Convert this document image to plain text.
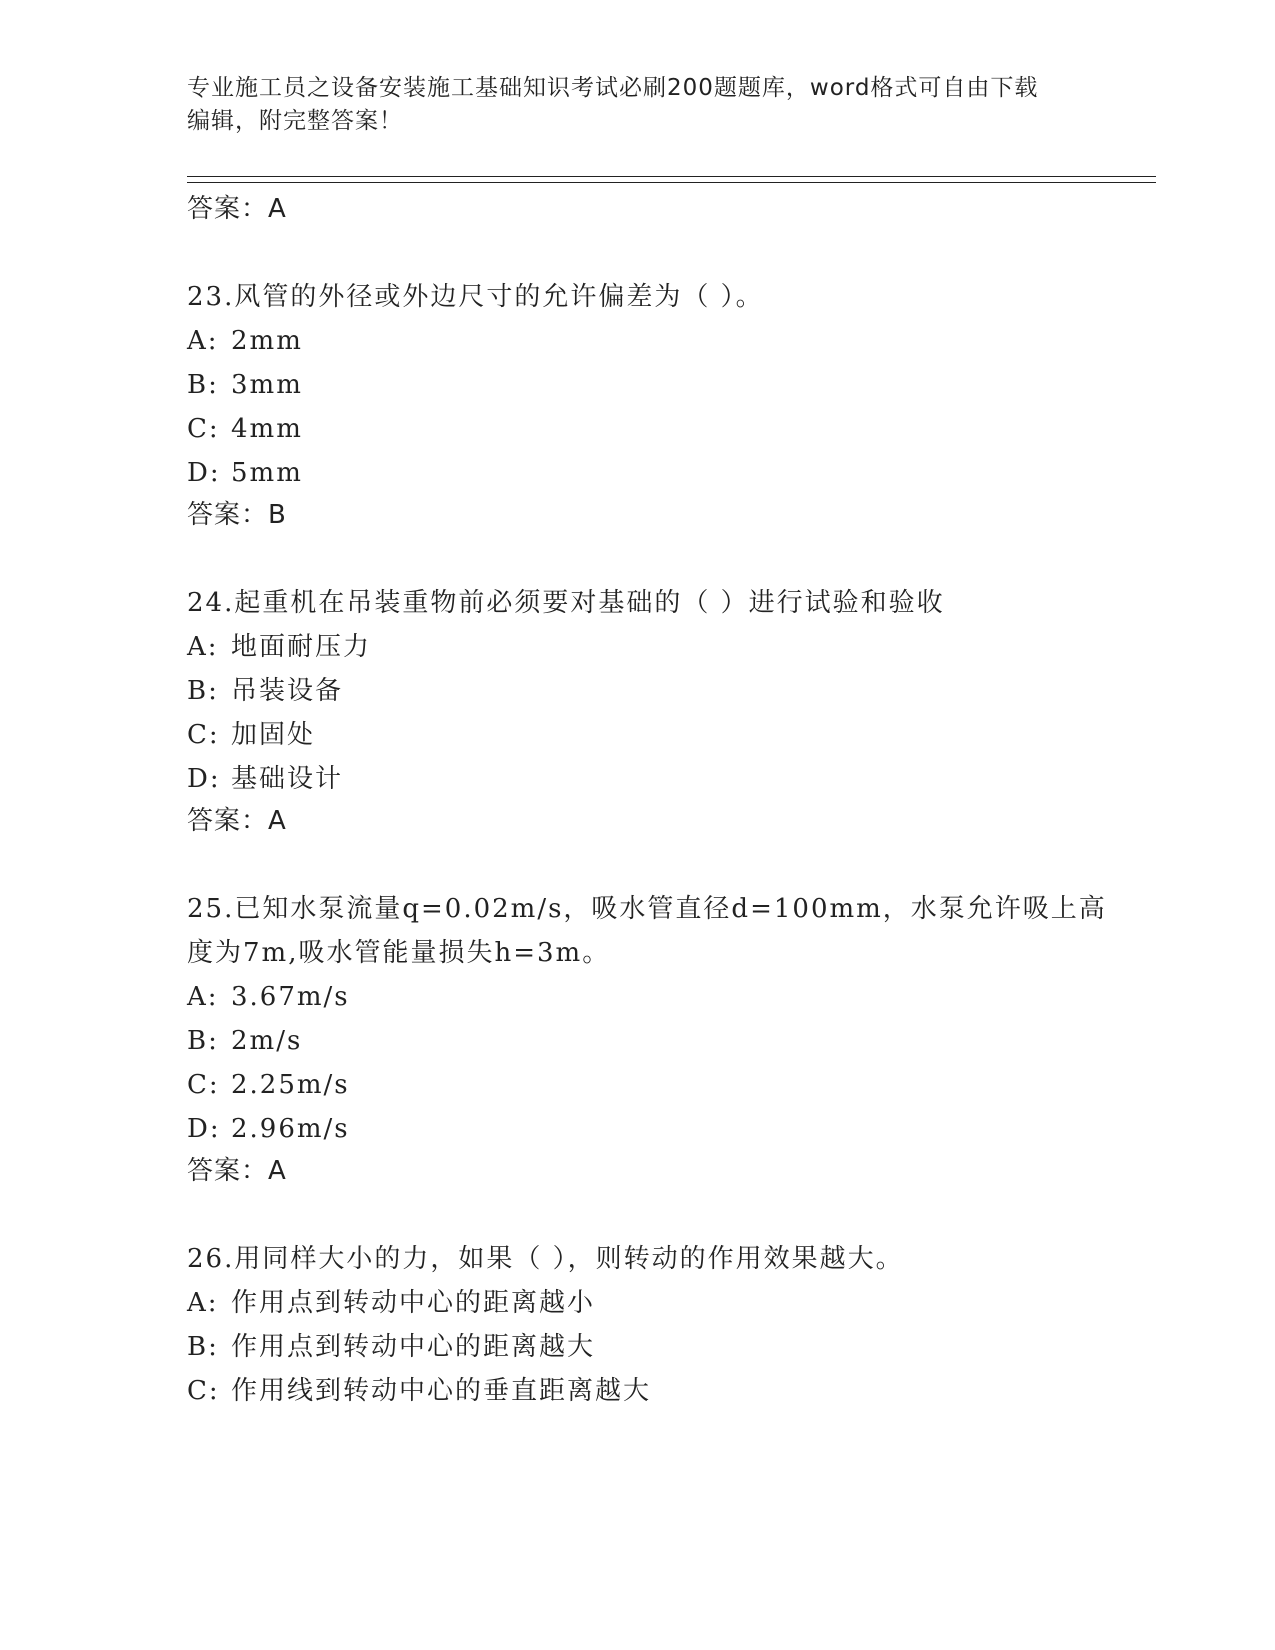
专业施工员之设备安装施工基础知识考试必刷200题题库，word格式可自由下载
编辑，附完整答案！
答案：A
23.风管的外径或外边尺寸的允许偏差为（ ）。
A: 2mm
B: 3mm
C: 4mm
D: 5mm
答案：B
24.起重机在吊装重物前必须要对基础的（ ）进行试验和验收
A: 地面耐压力
B: 吊装设备
C: 加固处
D: 基础设计
答案：A
25.已知水泵流量q=0.02m/s，吸水管直径d=100mm，水泵允许吸上高
度为7m,吸水管能量损失h=3m。
A: 3.67m/s
B: 2m/s
C: 2.25m/s
D: 2.96m/s
答案：A
26.用同样大小的力，如果（ ），则转动的作用效果越大。
A: 作用点到转动中心的距离越小
B: 作用点到转动中心的距离越大
C: 作用线到转动中心的垂直距离越大
